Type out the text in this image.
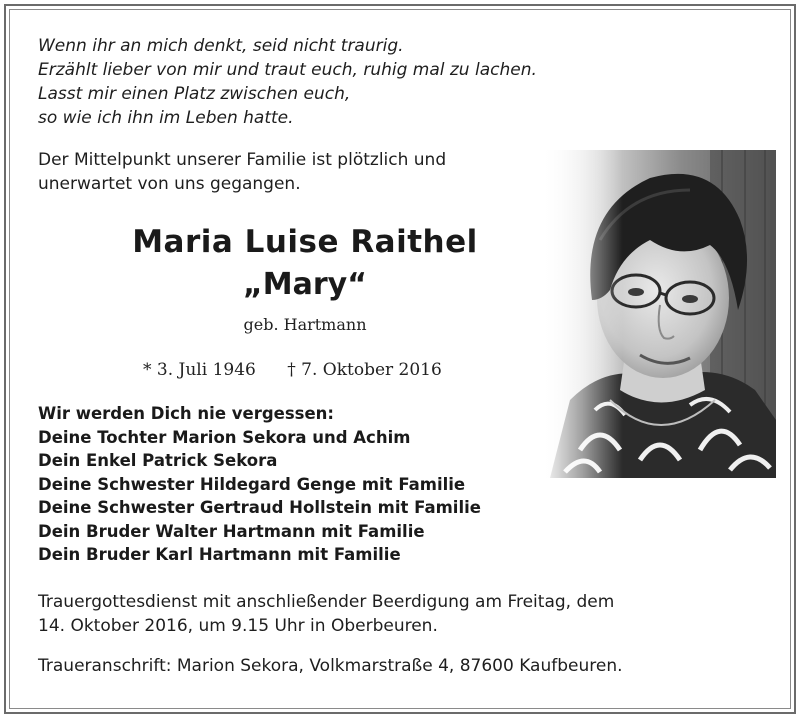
Wenn ihr an mich denkt, seid nicht traurig.
Erzählt lieber von mir und traut euch, ruhig mal zu lachen.
Lasst mir einen Platz zwischen euch,
so wie ich ihn im Leben hatte.
Der Mittelpunkt unserer Familie ist plötzlich und
unerwartet von uns gegangen.
Maria Luise Raithel
„Mary“
geb. Hartmann
* 3. Juli 1946 † 7. Oktober 2016
Wir werden Dich nie vergessen:
Deine Tochter Marion Sekora und Achim
Dein Enkel Patrick Sekora
Deine Schwester Hildegard Genge mit Familie
Deine Schwester Gertraud Hollstein mit Familie
Dein Bruder Walter Hartmann mit Familie
Dein Bruder Karl Hartmann mit Familie
Trauergottesdienst mit anschließender Beerdigung am Freitag, dem
14. Oktober 2016, um 9.15 Uhr in Oberbeuren.
Traueranschrift: Marion Sekora, Volkmarstraße 4, 87600 Kaufbeuren.
